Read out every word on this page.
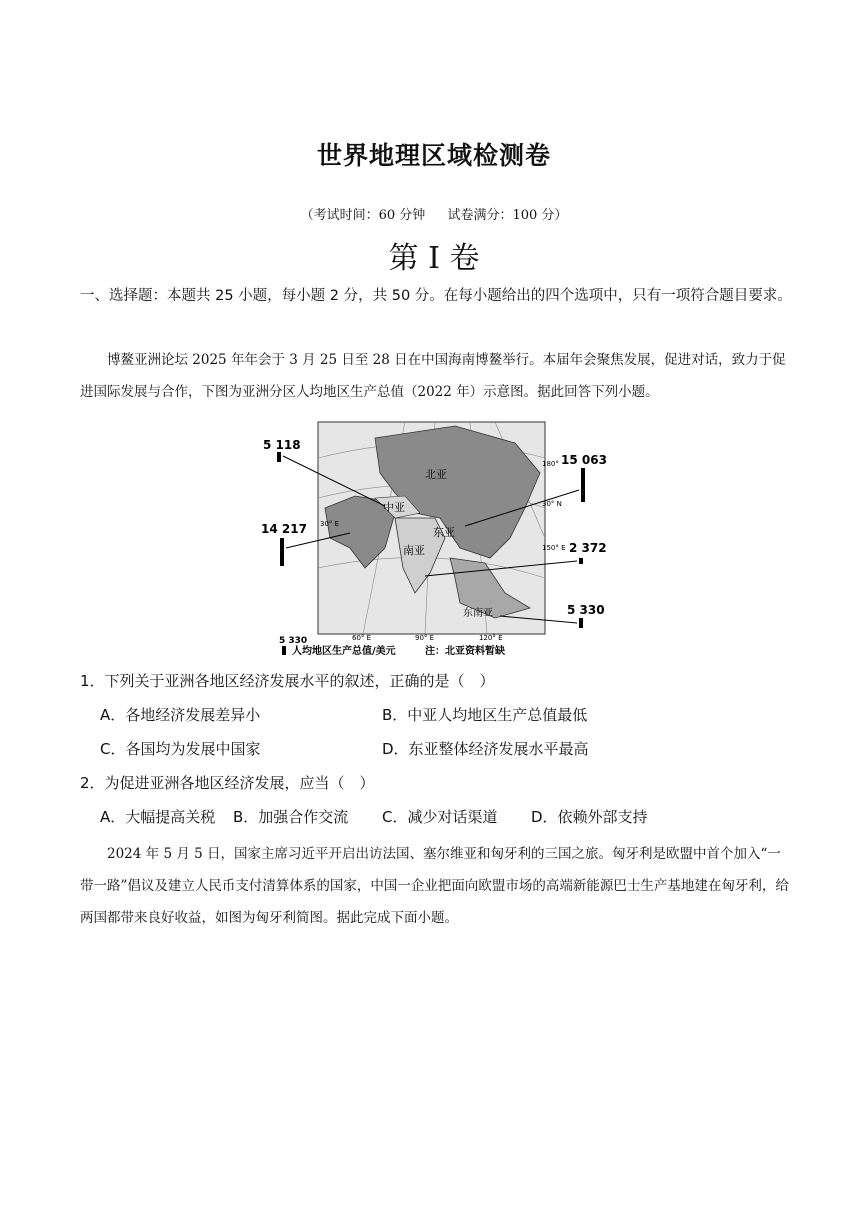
世界地理区域检测卷
（考试时间：60 分钟 试卷满分：100 分）
第 I 卷
一、选择题：本题共 25 小题，每小题 2 分，共 50 分。在每小题给出的四个选项中，只有一项符合题目要求。
博鳌亚洲论坛 2025 年年会于 3 月 25 日至 28 日在中国海南博鳌举行。本届年会聚焦发展，促进对话，致力于促进国际发展与合作，下图为亚洲分区人均地区生产总值（2022 年）示意图。据此回答下列小题。
北亚
中亚
东亚
南亚
东南亚
60° E	90° E	120° E
150° E
180°
30° N
30° E
5 118
14 217
15 063
2 372
5 330
5 330
人均地区生产总值/美元	注：北亚资料暂缺
1．下列关于亚洲各地区经济发展水平的叙述，正确的是（　）
A．各地经济发展差异小	B．中亚人均地区生产总值最低
C．各国均为发展中国家	D．东亚整体经济发展水平最高
2．为促进亚洲各地区经济发展，应当（　）
A．大幅提高关税 B．加强合作交流 C．减少对话渠道 D．依赖外部支持
2024 年 5 月 5 日，国家主席习近平开启出访法国、塞尔维亚和匈牙利的三国之旅。匈牙利是欧盟中首个加入“一带一路”倡议及建立人民币支付清算体系的国家，中国一企业把面向欧盟市场的高端新能源巴士生产基地建在匈牙利，给两国都带来良好收益，如图为匈牙利简图。据此完成下面小题。
